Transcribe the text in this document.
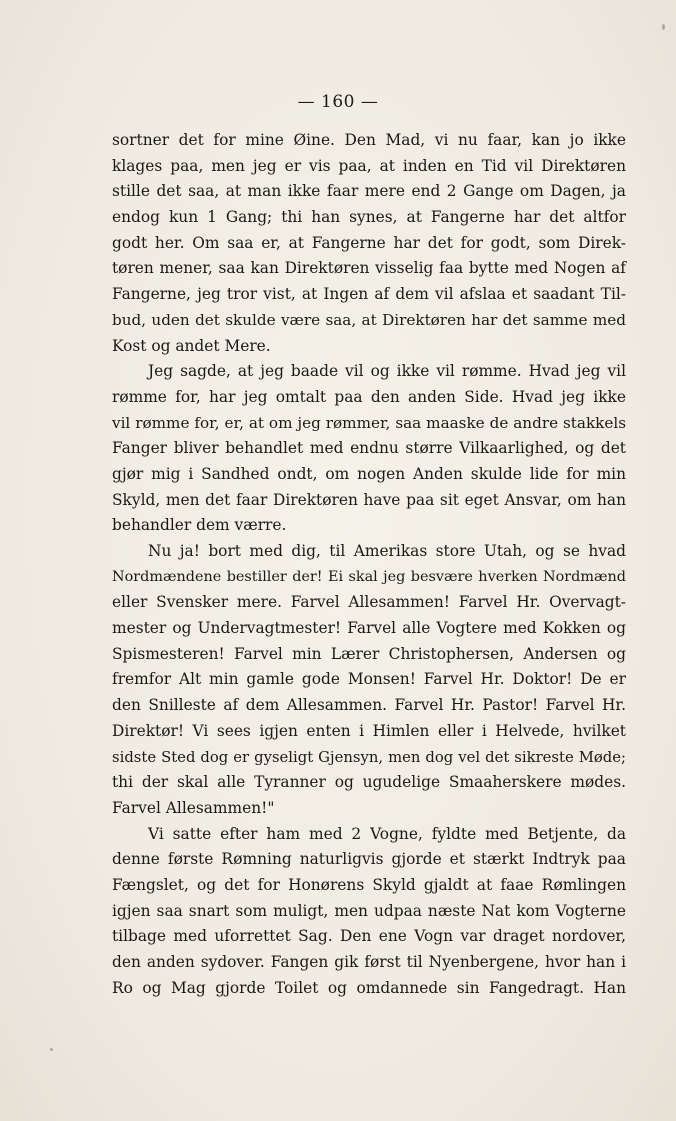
— 160 —
sortner det for mine Øine. Den Mad, vi nu faar, kan jo ikke
klages paa, men jeg er vis paa, at inden en Tid vil Direktøren
stille det saa, at man ikke faar mere end 2 Gange om Dagen, ja
endog kun 1 Gang; thi han synes, at Fangerne har det altfor
godt her. Om saa er, at Fangerne har det for godt, som Direk-
tøren mener, saa kan Direktøren visselig faa bytte med Nogen af
Fangerne, jeg tror vist, at Ingen af dem vil afslaa et saadant Til-
bud, uden det skulde være saa, at Direktøren har det samme med
Kost og andet Mere.
Jeg sagde, at jeg baade vil og ikke vil rømme. Hvad jeg vil
rømme for, har jeg omtalt paa den anden Side. Hvad jeg ikke
vil rømme for, er, at om jeg rømmer, saa maaske de andre stakkels
Fanger bliver behandlet med endnu større Vilkaarlighed, og det
gjør mig i Sandhed ondt, om nogen Anden skulde lide for min
Skyld, men det faar Direktøren have paa sit eget Ansvar, om han
behandler dem værre.
Nu ja! bort med dig, til Amerikas store Utah, og se hvad
Nordmændene bestiller der! Ei skal jeg besvære hverken Nordmænd
eller Svensker mere. Farvel Allesammen! Farvel Hr. Overvagt-
mester og Undervagtmester! Farvel alle Vogtere med Kokken og
Spismesteren! Farvel min Lærer Christophersen, Andersen og
fremfor Alt min gamle gode Monsen! Farvel Hr. Doktor! De er
den Snilleste af dem Allesammen. Farvel Hr. Pastor! Farvel Hr.
Direktør! Vi sees igjen enten i Himlen eller i Helvede, hvilket
sidste Sted dog er gyseligt Gjensyn, men dog vel det sikreste Møde;
thi der skal alle Tyranner og ugudelige Smaaherskere mødes.
Farvel Allesammen!"
Vi satte efter ham med 2 Vogne, fyldte med Betjente, da
denne første Rømning naturligvis gjorde et stærkt Indtryk paa
Fængslet, og det for Honørens Skyld gjaldt at faae Rømlingen
igjen saa snart som muligt, men udpaa næste Nat kom Vogterne
tilbage med uforrettet Sag. Den ene Vogn var draget nordover,
den anden sydover. Fangen gik først til Nyenbergene, hvor han i
Ro og Mag gjorde Toilet og omdannede sin Fangedragt. Han
